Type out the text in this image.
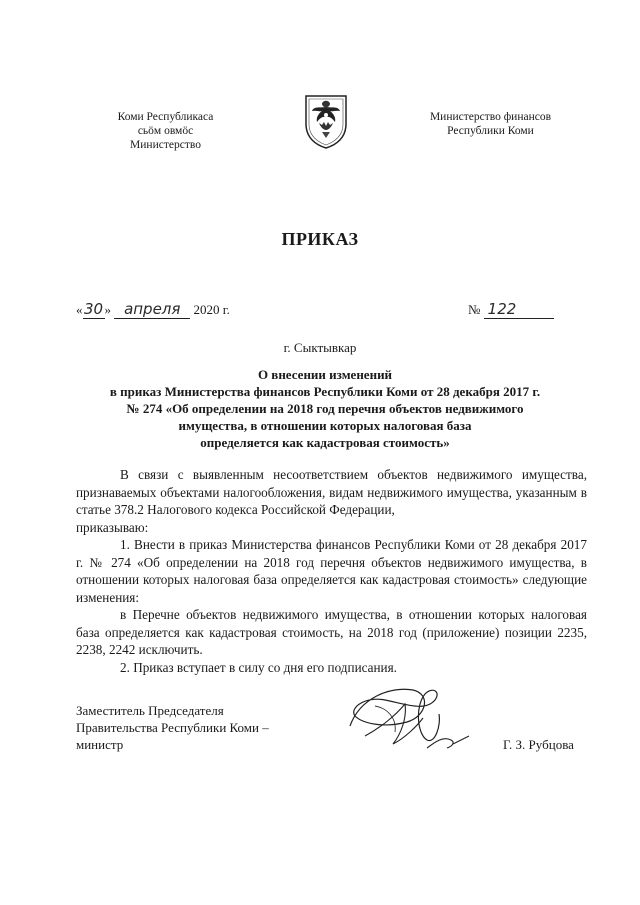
Коми Республикаса
сьӧм овмӧс
Министерство
Министерство финансов
Республики Коми
ПРИКАЗ
«30» апреля 2020 г.	№ 122
г. Сыктывкар
О внесении изменений
в приказ Министерства финансов Республики Коми от 28 декабря 2017 г.
№ 274 «Об определении на 2018 год перечня объектов недвижимого
имущества, в отношении которых налоговая база
определяется как кадастровая стоимость»
В связи с выявленным несоответствием объектов недвижимого имущества, признаваемых объектами налогообложения, видам недвижимого имущества, указанным в статье 378.2 Налогового кодекса Российской Федерации,
приказываю:
1. Внести в приказ Министерства финансов Республики Коми от 28 декабря 2017 г. № 274 «Об определении на 2018 год перечня объектов недвижимого имущества, в отношении которых налоговая база определяется как кадастровая стоимость» следующие изменения:
в Перечне объектов недвижимого имущества, в отношении которых налоговая база определяется как кадастровая стоимость, на 2018 год (приложение) позиции 2235, 2238, 2242 исключить.
2. Приказ вступает в силу со дня его подписания.
Заместитель Председателя
Правительства Республики Коми –
министр	Г. З. Рубцова
